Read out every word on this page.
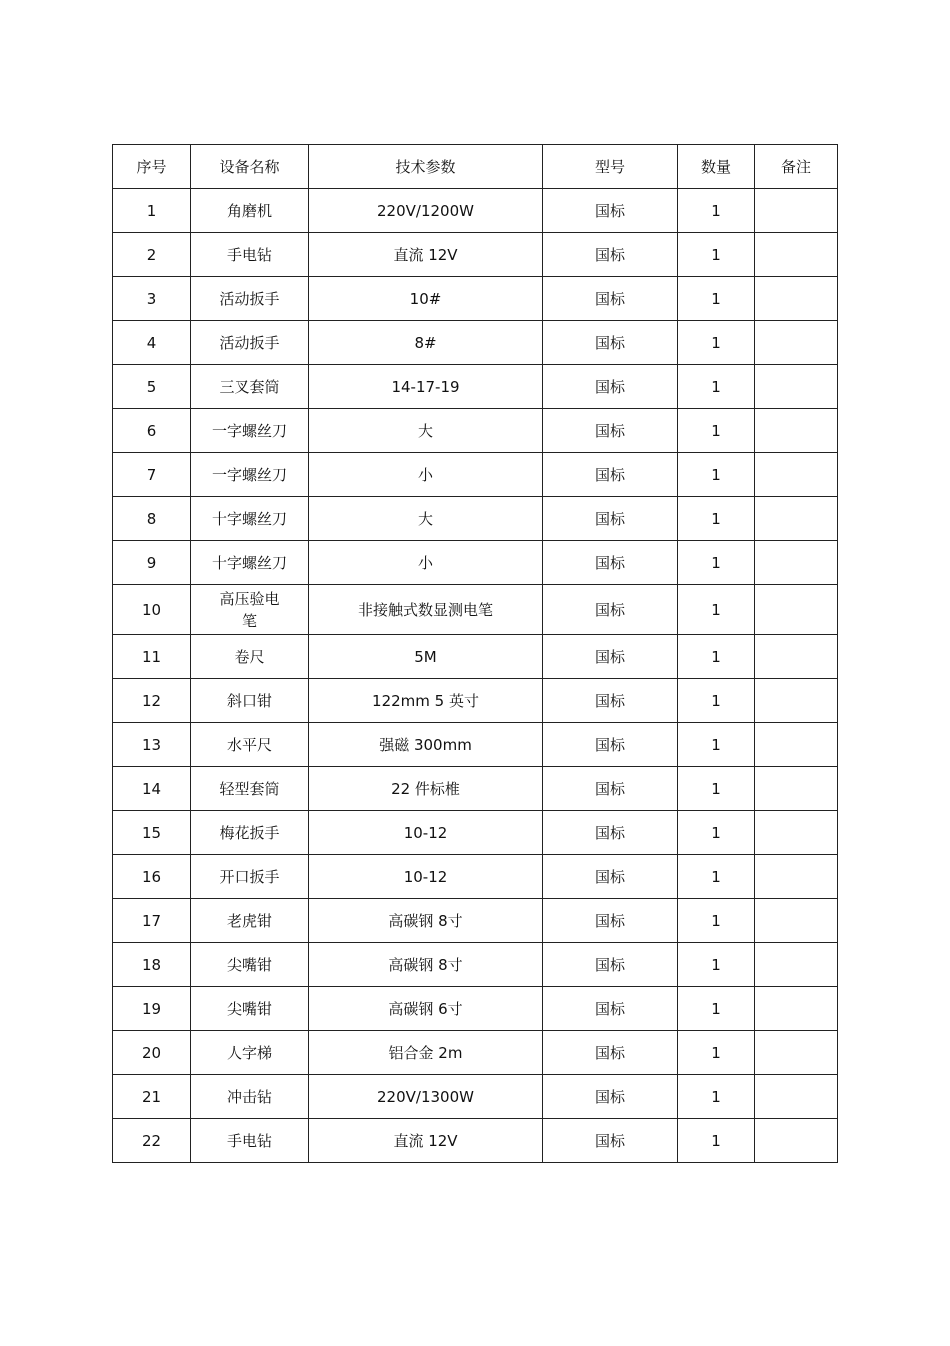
序号	设备名称	技术参数	型号	数量	备注
1	角磨机	220V/1200W	国标	1	
2	手电钻	直流 12V	国标	1	
3	活动扳手	10#	国标	1	
4	活动扳手	8#	国标	1	
5	三叉套筒	14-17-19	国标	1	
6	一字螺丝刀	大	国标	1	
7	一字螺丝刀	小	国标	1	
8	十字螺丝刀	大	国标	1	
9	十字螺丝刀	小	国标	1	
10	高压验电笔	非接触式数显测电笔	国标	1	
11	卷尺	5M	国标	1	
12	斜口钳	122mm 5 英寸	国标	1	
13	水平尺	强磁 300mm	国标	1	
14	轻型套筒	22 件标椎	国标	1	
15	梅花扳手	10-12	国标	1	
16	开口扳手	10-12	国标	1	
17	老虎钳	高碳钢 8寸	国标	1	
18	尖嘴钳	高碳钢 8寸	国标	1	
19	尖嘴钳	高碳钢 6寸	国标	1	
20	人字梯	铝合金 2m	国标	1	
21	冲击钻	220V/1300W	国标	1	
22	手电钻	直流 12V	国标	1	
